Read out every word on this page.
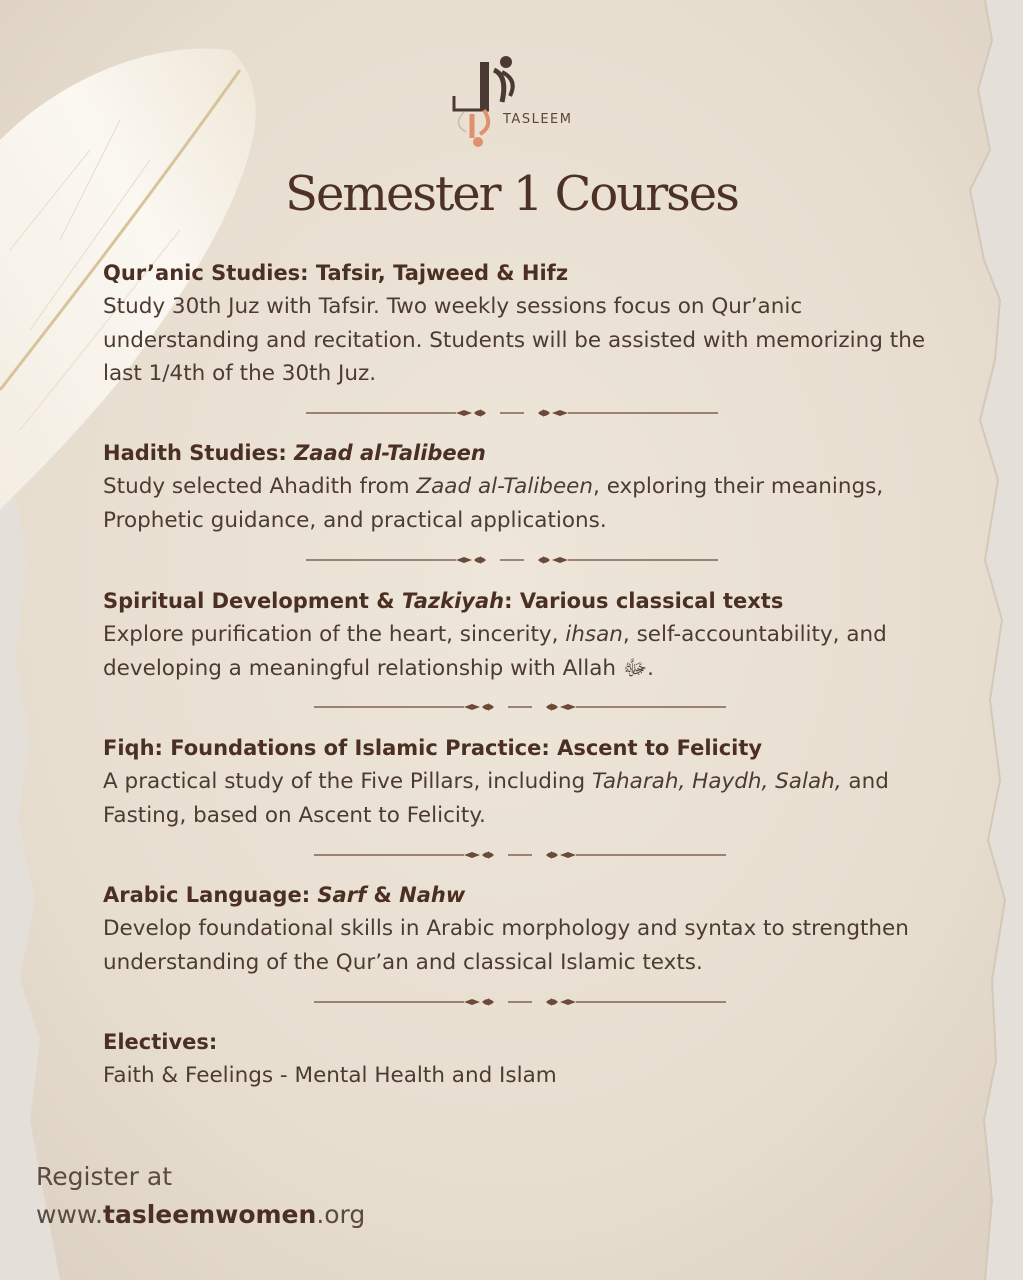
TASLEEM
Semester 1 Courses

Qur’anic Studies: Tafsir, Tajweed & Hifz

Study 30th Juz with Tafsir. Two weekly sessions focus on Qur’anic understanding and recitation. Students will be assisted with memorizing the last 1/4th of the 30th Juz.

Hadith Studies: Zaad al-Talibeen

Study selected Ahadith from Zaad al-Talibeen, exploring their meanings, Prophetic guidance, and practical applications.

Spiritual Development & Tazkiyah: Various classical texts

Explore purification of the heart, sincerity, ihsan, self-accountability, and developing a meaningful relationship with Allah ﷻ.

Fiqh: Foundations of Islamic Practice: Ascent to Felicity

A practical study of the Five Pillars, including Taharah, Haydh, Salah, and Fasting, based on Ascent to Felicity.

Arabic Language: Sarf & Nahw

Develop foundational skills in Arabic morphology and syntax to strengthen understanding of the Qur’an and classical Islamic texts.

Electives:

Faith & Feelings - Mental Health and Islam

Register at
www.tasleemwomen.org
